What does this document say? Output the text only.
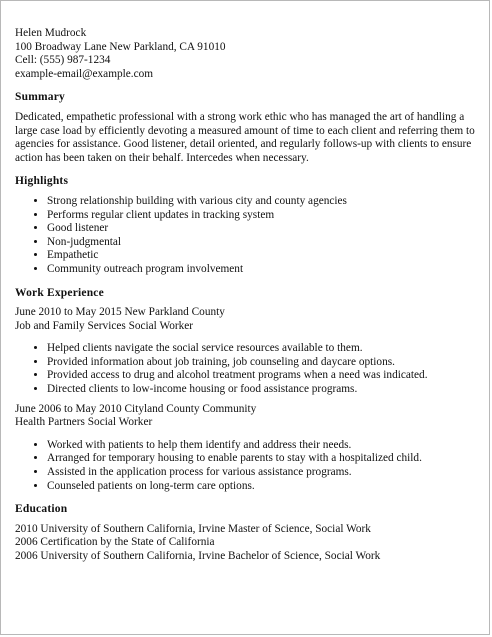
Helen Mudrock
100 Broadway Lane New Parkland, CA 91010
Cell: (555) 987-1234
example-email@example.com
Summary

Dedicated, empathetic professional with a strong work ethic who has managed the art of handling a large case load by efficiently devoting a measured amount of time to each client and referring them to agencies for assistance. Good listener, detail oriented, and regularly follows-up with clients to ensure action has been taken on their behalf. Intercedes when necessary.

Highlights
• Strong relationship building with various city and county agencies
• Performs regular client updates in tracking system
• Good listener
• Non-judgmental
• Empathetic
• Community outreach program involvement
Work Experience
June 2010 to May 2015 New Parkland County
Job and Family Services Social Worker
• Helped clients navigate the social service resources available to them.
• Provided information about job training, job counseling and daycare options.
• Provided access to drug and alcohol treatment programs when a need was indicated.
• Directed clients to low-income housing or food assistance programs.
June 2006 to May 2010 Cityland County Community
Health Partners Social Worker
• Worked with patients to help them identify and address their needs.
• Arranged for temporary housing to enable parents to stay with a hospitalized child.
• Assisted in the application process for various assistance programs.
• Counseled patients on long-term care options.
Education
2010 University of Southern California, Irvine Master of Science, Social Work
2006 Certification by the State of California
2006 University of Southern California, Irvine Bachelor of Science, Social Work
